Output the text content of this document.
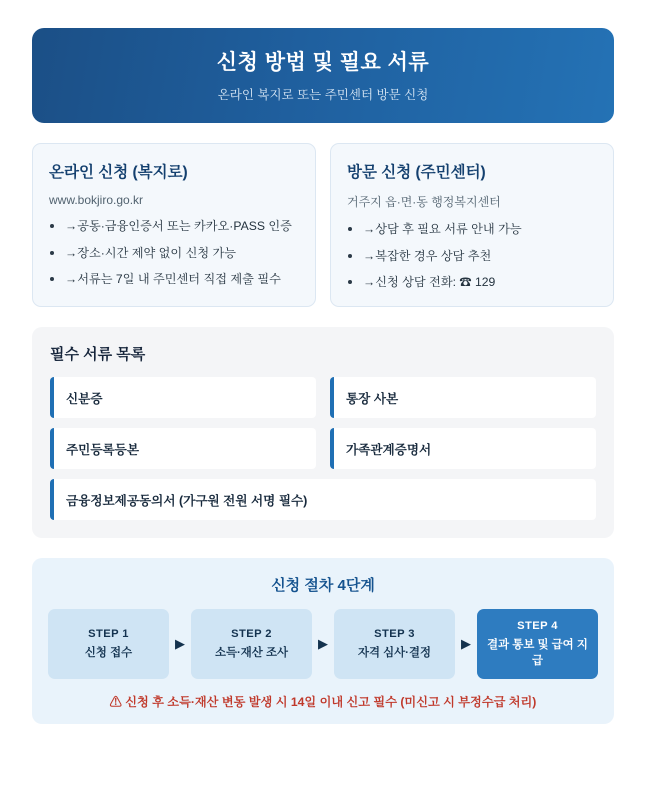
신청 방법 및 필요 서류
온라인 복지로 또는 주민센터 방문 신청
온라인 신청 (복지로)
www.bokjiro.go.kr
→공동·금융인증서 또는 카카오·PASS 인증
→장소·시간 제약 없이 신청 가능
→서류는 7일 내 주민센터 직접 제출 필수
방문 신청 (주민센터)
거주지 읍·면·동 행정복지센터
→상담 후 필요 서류 안내 가능
→복잡한 경우 상담 추천
→신청 상담 전화: ☎ 129
필수 서류 목록
신분증	통장 사본
주민등록등본	가족관계증명서
금융정보제공동의서 (가구원 전원 서명 필수)
신청 절차 4단계
STEP 1
신청 접수
▶
STEP 2
소득·재산 조사
▶
STEP 3
자격 심사·결정
▶
STEP 4
결과 통보 및 급여 지급
⚠ 신청 후 소득·재산 변동 발생 시 14일 이내 신고 필수 (미신고 시 부정수급 처리)
